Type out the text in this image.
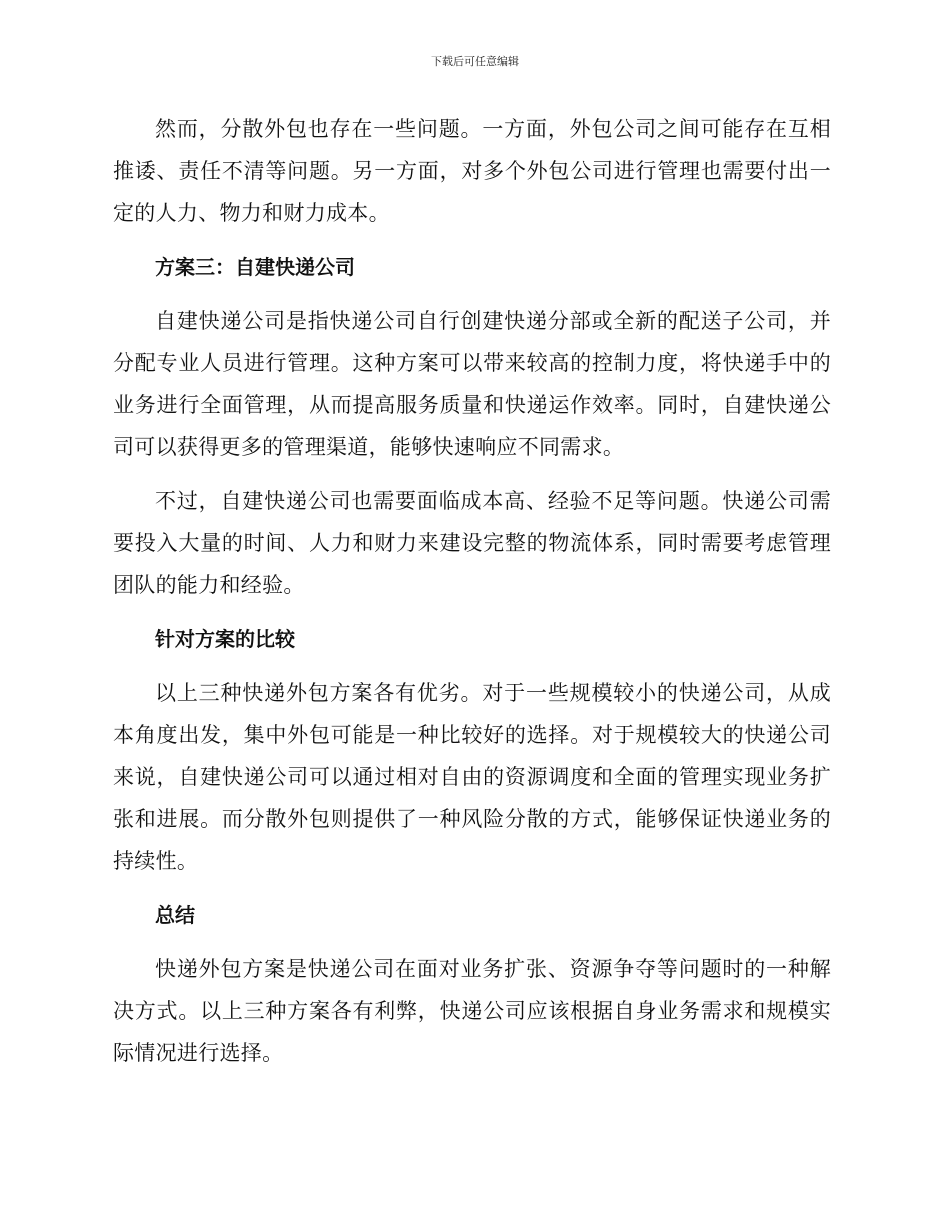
下载后可任意编辑

然而，分散外包也存在一些问题。一方面，外包公司之间可能存在互相推诿、责任不清等问题。另一方面，对多个外包公司进行管理也需要付出一定的人力、物力和财力成本。

方案三：自建快递公司

自建快递公司是指快递公司自行创建快递分部或全新的配送子公司，并分配专业人员进行管理。这种方案可以带来较高的控制力度，将快递手中的业务进行全面管理，从而提高服务质量和快递运作效率。同时，自建快递公司可以获得更多的管理渠道，能够快速响应不同需求。

不过，自建快递公司也需要面临成本高、经验不足等问题。快递公司需要投入大量的时间、人力和财力来建设完整的物流体系，同时需要考虑管理团队的能力和经验。

针对方案的比较

以上三种快递外包方案各有优劣。对于一些规模较小的快递公司，从成本角度出发，集中外包可能是一种比较好的选择。对于规模较大的快递公司来说，自建快递公司可以通过相对自由的资源调度和全面的管理实现业务扩张和进展。而分散外包则提供了一种风险分散的方式，能够保证快递业务的持续性。

总结

快递外包方案是快递公司在面对业务扩张、资源争夺等问题时的一种解决方式。以上三种方案各有利弊，快递公司应该根据自身业务需求和规模实际情况进行选择。
